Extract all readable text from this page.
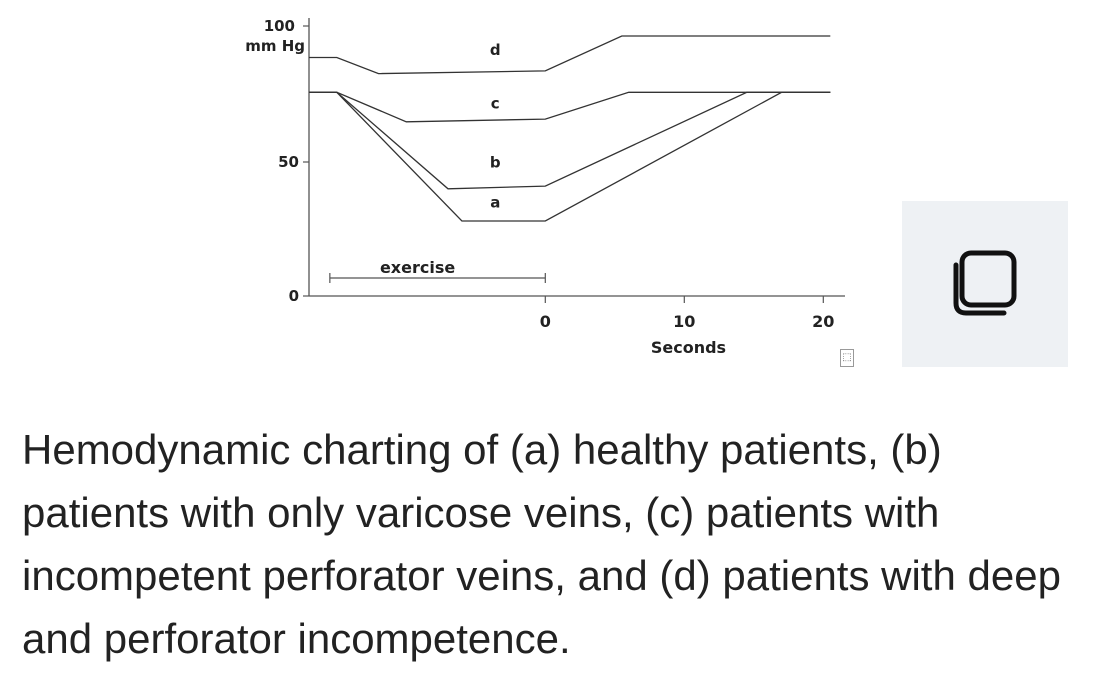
0
50
100
mm Hg
0	10	20
Seconds
exercise
a
b
c
d
⬚

Hemodynamic charting of (a) healthy patients, (b) patients with only varicose veins, (c) patients with incompetent perforator veins, and (d) patients with deep and perforator incompetence.
